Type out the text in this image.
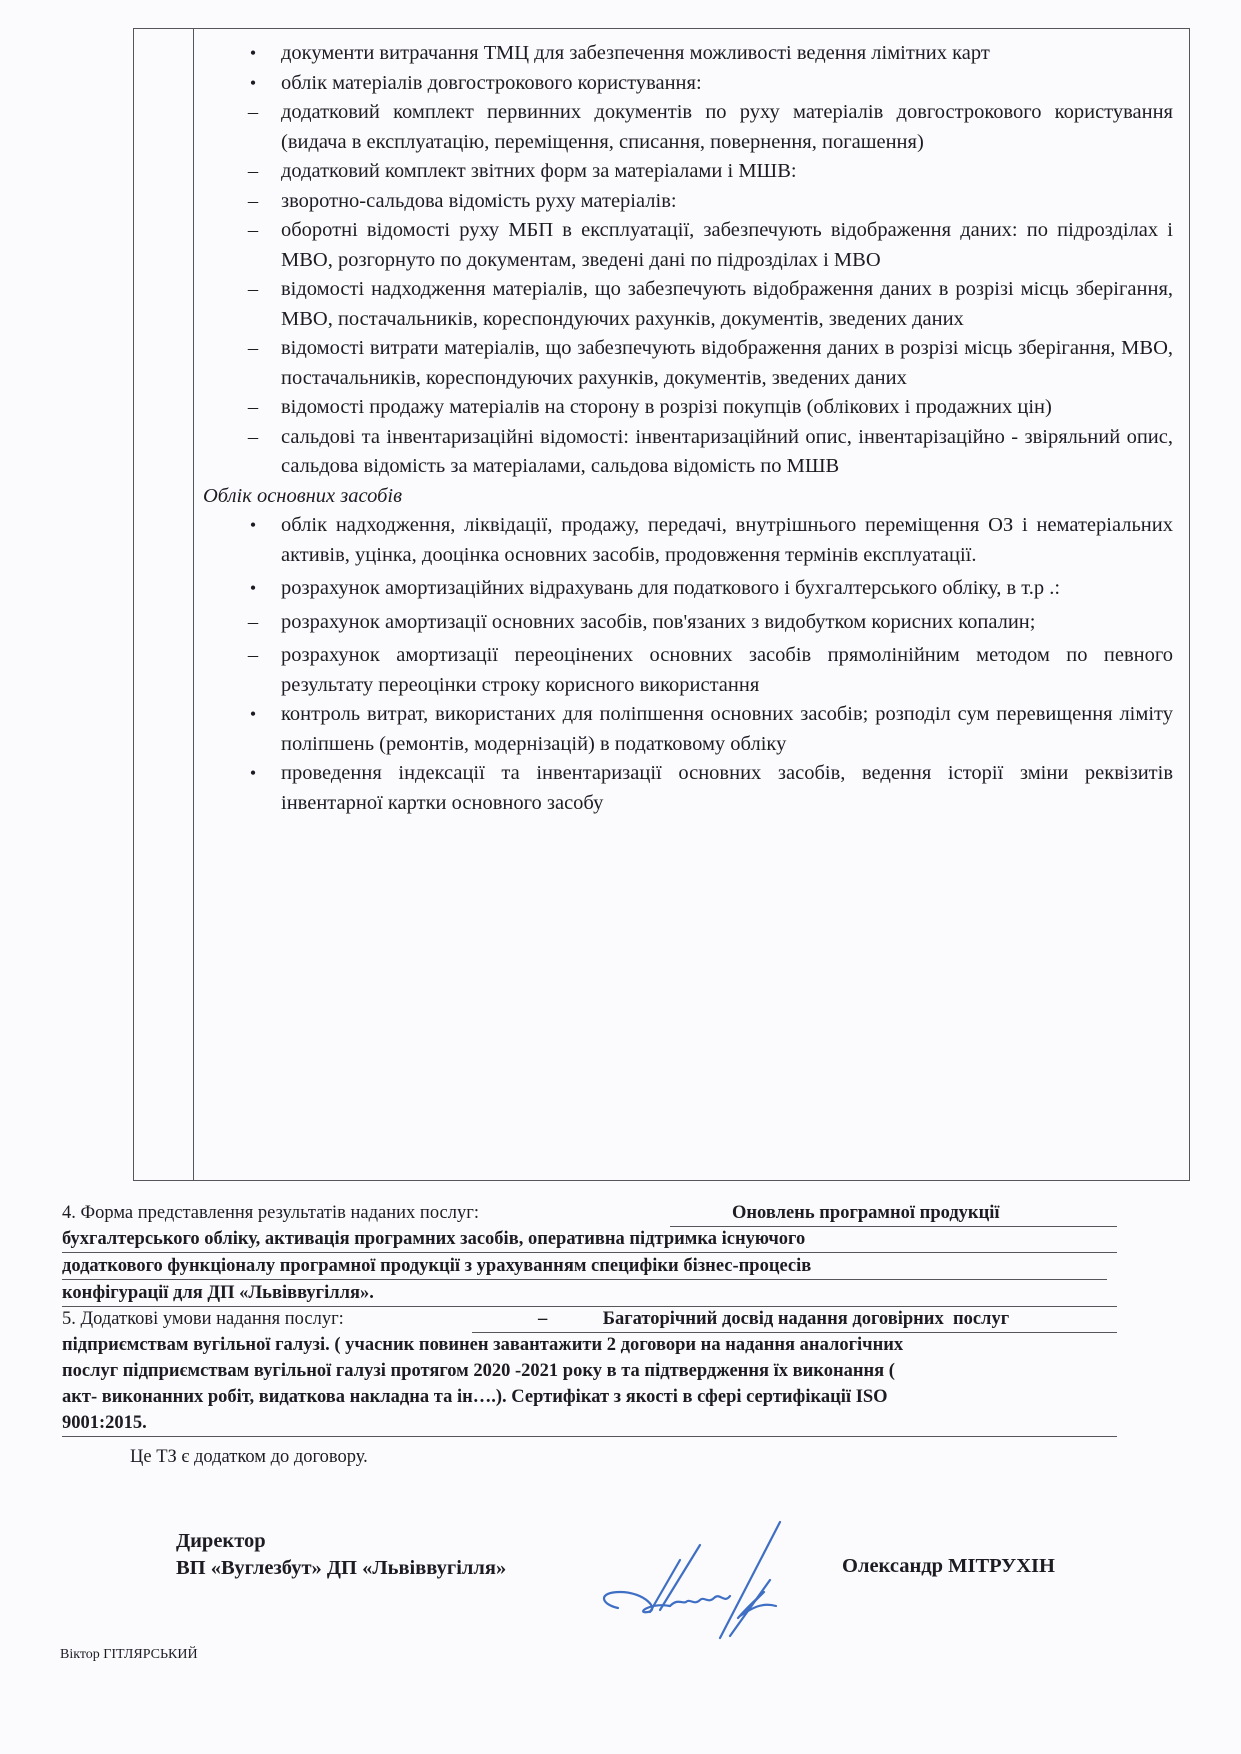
•
документи витрачання ТМЦ для забезпечення можливості ведення лімітних карт
•
облік матеріалів довгострокового користування:
–
додатковий комплект первинних документів по руху матеріалів довгострокового користування (видача в експлуатацію, переміщення, списання, повернення, погашення)
–
додатковий комплект звітних форм за матеріалами і МШВ:
–
зворотно-сальдова відомість руху матеріалів:
–
оборотні відомості руху МБП в експлуатації, забезпечують відображення даних: по підрозділах і МВО, розгорнуто по документам, зведені дані по підрозділах і МВО
–
відомості надходження матеріалів, що забезпечують відображення даних в розрізі місць зберігання, МВО, постачальників, кореспондуючих рахунків, документів, зведених даних
–
відомості витрати матеріалів, що забезпечують відображення даних в розрізі місць зберігання, МВО, постачальників, кореспондуючих рахунків, документів, зведених даних
–
відомості продажу матеріалів на сторону в розрізі покупців (облікових і продажних цін)
–
сальдові та інвентаризаційні відомості: інвентаризаційний опис, інвентарізаційно - звіряльний опис, сальдова відомість за матеріалами, сальдова відомість по МШВ
Облік основних засобів
•
облік надходження, ліквідації, продажу, передачі, внутрішнього переміщення ОЗ і нематеріальних активів, уцінка, дооцінка основних засобів, продовження термінів експлуатації.
•
розрахунок амортизаційних відрахувань для податкового і бухгалтерського обліку, в т.р .:
–
розрахунок амортизації основних засобів, пов'язаних з видобутком корисних копалин;
–
розрахунок амортизації переоцінених основних засобів прямолінійним методом по певного результату переоцінки строку корисного використання
•
контроль витрат, використаних для поліпшення основних засобів; розподіл сум перевищення ліміту поліпшень (ремонтів, модернізацій) в податковому обліку
•
проведення індексації та інвентаризації основних засобів, ведення історії зміни реквізитів інвентарної картки основного засобу
4. Форма представлення результатів наданих послуг:	Оновлень програмної продукції
бухгалтерського обліку, активація програмних засобів, оперативна підтримка існуючого
додаткового функціоналу програмної продукції з урахуванням специфіки бізнес-процесів
конфігурації для ДП «Львіввугілля».
5. Додаткові умови надання послуг:	–            Багаторічний досвід надання договірних  послуг
підприємствам вугільної галузі. ( учасник повинен завантажити 2 договори на надання аналогічних
послуг підприємствам вугільної галузі протягом 2020 -2021 року в та підтвердження їх виконання (
акт- виконанних робіт, видаткова накладна та ін….). Сертифікат з якості в сфері сертифікації ISO
9001:2015.
Це ТЗ є додатком до договору.
Директор
ВП «Вуглезбут» ДП «Львіввугілля»	Олександр МІТРУХІН
Віктор ГІТЛЯРСЬКИЙ
